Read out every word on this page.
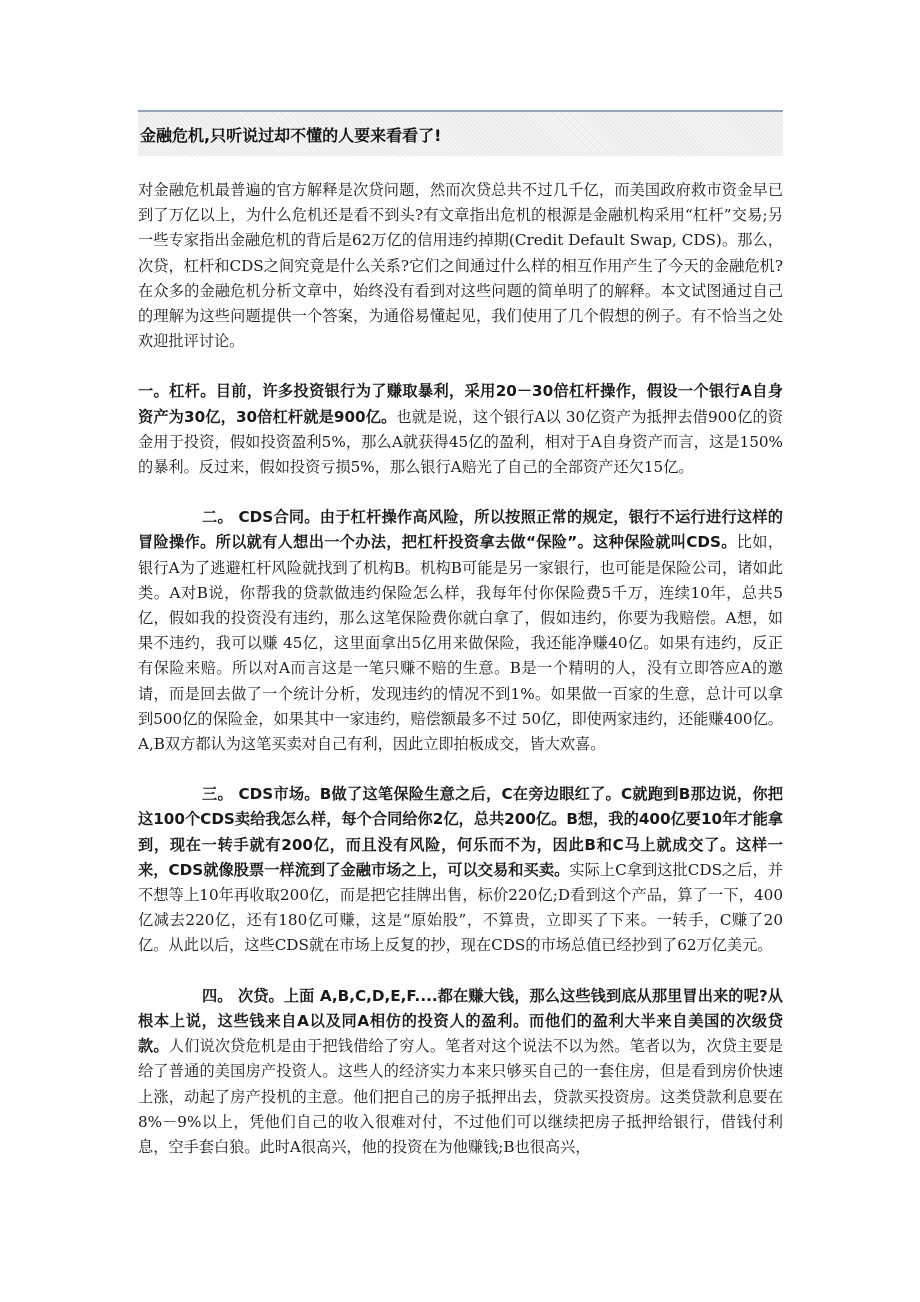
金融危机,只听说过却不懂的人要来看看了!

对金融危机最普遍的官方解释是次贷问题，然而次贷总共不过几千亿，而美国政府救市资金早已到了万亿以上，为什么危机还是看不到头?有文章指出危机的根源是金融机构采用“杠杆”交易;另一些专家指出金融危机的背后是62万亿的信用违约掉期(Credit Default Swap, CDS)。那么，次贷，杠杆和CDS之间究竟是什么关系?它们之间通过什么样的相互作用产生了今天的金融危机?在众多的金融危机分析文章中，始终没有看到对这些问题的简单明了的解释。本文试图通过自己的理解为这些问题提供一个答案，为通俗易懂起见，我们使用了几个假想的例子。有不恰当之处欢迎批评讨论。

一。杠杆。目前，许多投资银行为了赚取暴利，采用20－30倍杠杆操作，假设一个银行A自身资产为30亿，30倍杠杆就是900亿。也就是说，这个银行A以 30亿资产为抵押去借900亿的资金用于投资，假如投资盈利5%，那么A就获得45亿的盈利，相对于A自身资产而言，这是150%的暴利。反过来，假如投资亏损5%，那么银行A赔光了自己的全部资产还欠15亿。

二。 CDS合同。由于杠杆操作高风险，所以按照正常的规定，银行不运行进行这样的冒险操作。所以就有人想出一个办法，把杠杆投资拿去做“保险”。这种保险就叫CDS。比如，银行A为了逃避杠杆风险就找到了机构B。机构B可能是另一家银行，也可能是保险公司，诸如此类。A对B说，你帮我的贷款做违约保险怎么样，我每年付你保险费5千万，连续10年，总共5亿，假如我的投资没有违约，那么这笔保险费你就白拿了，假如违约，你要为我赔偿。A想，如果不违约，我可以赚 45亿，这里面拿出5亿用来做保险，我还能净赚40亿。如果有违约，反正有保险来赔。所以对A而言这是一笔只赚不赔的生意。B是一个精明的人，没有立即答应A的邀请，而是回去做了一个统计分析，发现违约的情况不到1%。如果做一百家的生意，总计可以拿到500亿的保险金，如果其中一家违约，赔偿额最多不过 50亿，即使两家违约，还能赚400亿。A,B双方都认为这笔买卖对自己有利，因此立即拍板成交，皆大欢喜。

三。 CDS市场。B做了这笔保险生意之后，C在旁边眼红了。C就跑到B那边说，你把这100个CDS卖给我怎么样，每个合同给你2亿，总共200亿。B想，我的400亿要10年才能拿到，现在一转手就有200亿，而且没有风险，何乐而不为，因此B和C马上就成交了。这样一来，CDS就像股票一样流到了金融市场之上，可以交易和买卖。实际上C拿到这批CDS之后，并不想等上10年再收取200亿，而是把它挂牌出售，标价220亿;D看到这个产品，算了一下，400亿减去220亿，还有180亿可赚，这是“原始股”，不算贵，立即买了下来。一转手，C赚了20 亿。从此以后，这些CDS就在市场上反复的抄，现在CDS的市场总值已经抄到了62万亿美元。

四。 次贷。上面 A,B,C,D,E,F....都在赚大钱，那么这些钱到底从那里冒出来的呢?从根本上说，这些钱来自A以及同A相仿的投资人的盈利。而他们的盈利大半来自美国的次级贷款。人们说次贷危机是由于把钱借给了穷人。笔者对这个说法不以为然。笔者以为，次贷主要是给了普通的美国房产投资人。这些人的经济实力本来只够买自己的一套住房，但是看到房价快速上涨，动起了房产投机的主意。他们把自己的房子抵押出去，贷款买投资房。这类贷款利息要在8%－9%以上，凭他们自己的收入很难对付，不过他们可以继续把房子抵押给银行，借钱付利息，空手套白狼。此时A很高兴，他的投资在为他赚钱;B也很高兴，
